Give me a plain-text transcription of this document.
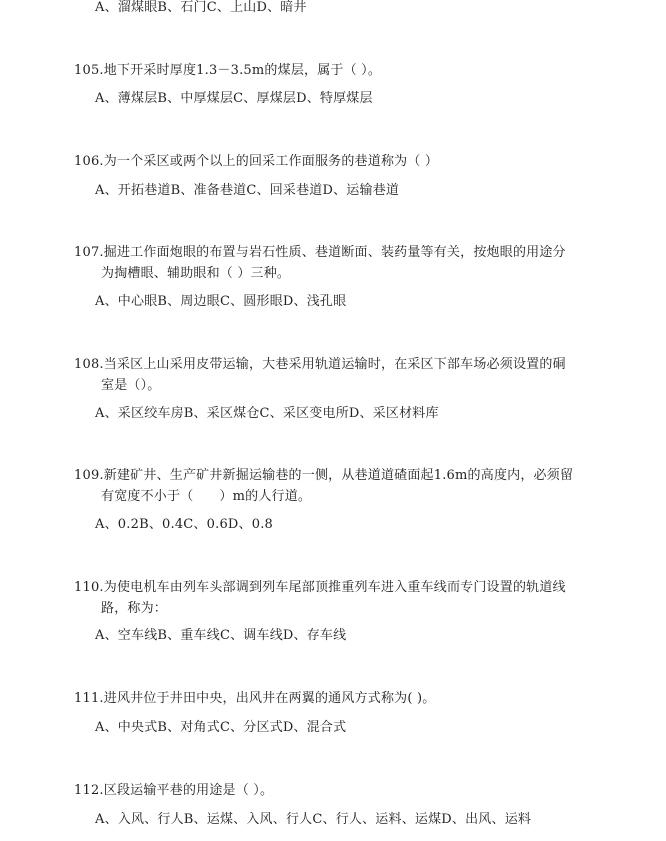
A、溜煤眼B、石门C、上山D、暗井
105.地下开采时厚度1.3－3.5m的煤层，属于（ ）。
A、薄煤层B、中厚煤层C、厚煤层D、特厚煤层
106.为一个采区或两个以上的回采工作面服务的巷道称为（ ）
A、开拓巷道B、准备巷道C、回采巷道D、运输巷道
107.掘进工作面炮眼的布置与岩石性质、巷道断面、装药量等有关，按炮眼的用途分
为掏槽眼、辅助眼和（ ）三种。
A、中心眼B、周边眼C、圆形眼D、浅孔眼
108.当采区上山采用皮带运输，大巷采用轨道运输时，在采区下部车场必须设置的硐
室是（）。
A、采区绞车房B、采区煤仓C、采区变电所D、采区材料库
109.新建矿井、生产矿井新掘运输巷的一侧，从巷道道碴面起1.6m的高度内，必须留
有宽度不小于（      ）m的人行道。
A、0.2B、0.4C、0.6D、0.8
110.为使电机车由列车头部调到列车尾部顶推重列车进入重车线而专门设置的轨道线
路，称为：
A、空车线B、重车线C、调车线D、存车线
111.进风井位于井田中央，出风井在两翼的通风方式称为( )。
A、中央式B、对角式C、分区式D、混合式
112.区段运输平巷的用途是（ ）。
A、入风、行人B、运煤、入风、行人C、行人、运料、运煤D、出风、运料
